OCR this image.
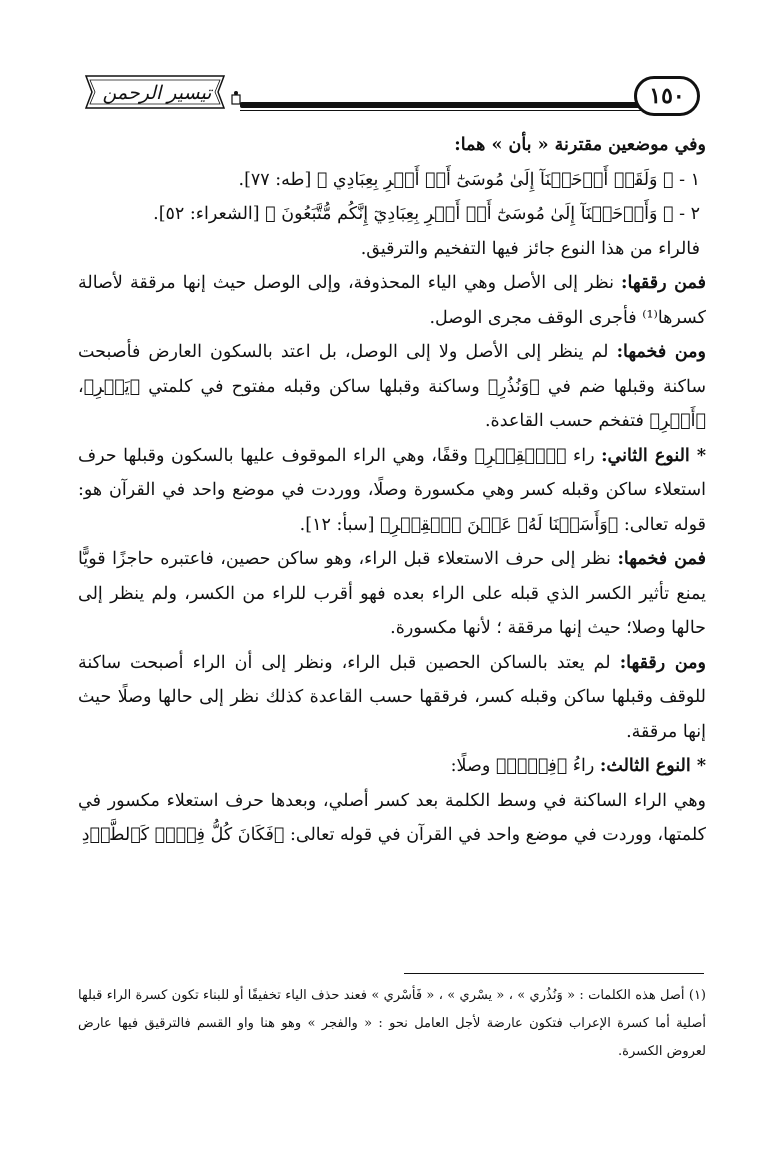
تيسير الرحمن	١٥٠

وفي موضعين مقترنة « بأن » هما:

١ - ﴿ وَلَقَدۡ أَوۡحَيۡنَآ إِلَىٰ مُوسَىٰٓ أَنۡ أَسۡرِ بِعِبَادِي ﴾ [طه: ٧٧].

٢ - ﴿ وَأَوۡحَيۡنَآ إِلَىٰ مُوسَىٰٓ أَنۡ أَسۡرِ بِعِبَادِيٓ إِنَّكُم مُّتَّبَعُونَ ﴾ [الشعراء: ٥٢].

فالراء من هذا النوع جائز فيها التفخيم والترقيق.

فمن رققها: نظر إلى الأصل وهي الياء المحذوفة، وإلى الوصل حيث إنها مرققة لأصالة كسرها⁽¹⁾ فأجرى الوقف مجرى الوصل.

ومن فخمها: لم ينظر إلى الأصل ولا إلى الوصل، بل اعتد بالسكون العارض فأصبحت ساكنة وقبلها ضم في ﴿وَنُذُرِ﴾ وساكنة وقبلها ساكن وقبله مفتوح في كلمتي ﴿يَسۡرِ﴾، ﴿أَسۡرِ﴾ فتفخم حسب القاعدة.

* النوع الثاني: راء ﴿ٱلۡقِطۡرِ﴾ وقفًا، وهي الراء الموقوف عليها بالسكون وقبلها حرف استعلاء ساكن وقبله كسر وهي مكسورة وصلًا، ووردت في موضع واحد في القرآن هو: قوله تعالى: ﴿وَأَسَلۡنَا لَهُۥ عَيۡنَ ٱلۡقِطۡرِ﴾ [سبأ: ١٢].

فمن فخمها: نظر إلى حرف الاستعلاء قبل الراء، وهو ساكن حصين، فاعتبره حاجزًا قويًّا يمنع تأثير الكسر الذي قبله على الراء بعده فهو أقرب للراء من الكسر، ولم ينظر إلى حالها وصلا؛ حيث إنها مرققة ؛ لأنها مكسورة.

ومن رققها: لم يعتد بالساكن الحصين قبل الراء، ونظر إلى أن الراء أصبحت ساكنة للوقف وقبلها ساكن وقبله كسر، فرققها حسب القاعدة كذلك نظر إلى حالها وصلًا حيث إنها مرققة.

* النوع الثالث: راءُ ﴿فِرۡقٖ﴾ وصلًا:

وهي الراء الساكنة في وسط الكلمة بعد كسر أصلي، وبعدها حرف استعلاء مكسور في كلمتها، ووردت في موضع واحد في القرآن في قوله تعالى: ﴿فَكَانَ كُلُّ فِرۡقٖ كَٱلطَّوۡدِ

(١) أصل هذه الكلمات : « وَنُذُري » ، « يسْري » ، « فَأسْري » فعند حذف الياء تخفيفًا أو للبناء تكون كسرة الراء قبلها أصلية أما كسرة الإعراب فتكون عارضة لأجل العامل نحو : « والفجر » وهو هنا واو القسم فالترقيق فيها عارض لعروض الكسرة.
